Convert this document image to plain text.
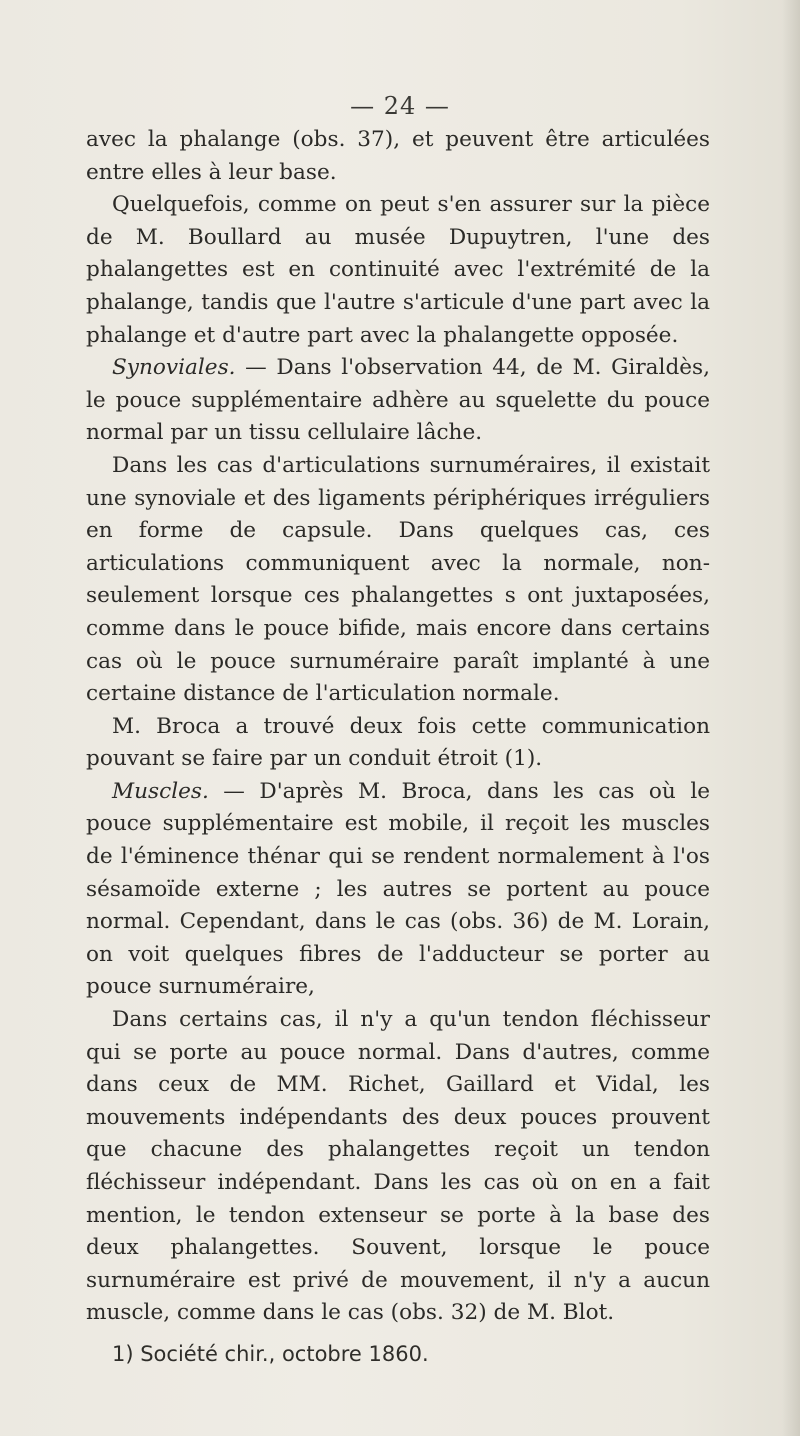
— 24 —

avec la phalange (obs. 37), et peuvent être articulées entre elles à leur base.

Quelquefois, comme on peut s'en assurer sur la pièce de M. Boullard au musée Dupuytren, l'une des phalangettes est en continuité avec l'extrémité de la phalange, tandis que l'autre s'articule d'une part avec la phalange et d'autre part avec la phalangette opposée.

Synoviales. — Dans l'observation 44, de M. Giraldès, le pouce supplémentaire adhère au squelette du pouce normal par un tissu cellulaire lâche.

Dans les cas d'articulations surnuméraires, il existait une synoviale et des ligaments périphériques irréguliers en forme de capsule. Dans quelques cas, ces articulations communiquent avec la normale, non-seulement lorsque ces phalangettes s ont juxtaposées, comme dans le pouce bifide, mais encore dans certains cas où le pouce surnuméraire paraît implanté à une certaine distance de l'articulation normale.

M. Broca a trouvé deux fois cette communication pouvant se faire par un conduit étroit (1).

Muscles. — D'après M. Broca, dans les cas où le pouce supplémentaire est mobile, il reçoit les muscles de l'éminence thénar qui se rendent normalement à l'os sésamoïde externe ; les autres se portent au pouce normal. Cependant, dans le cas (obs. 36) de M. Lorain, on voit quelques fibres de l'adducteur se porter au pouce surnuméraire,

Dans certains cas, il n'y a qu'un tendon fléchisseur qui se porte au pouce normal. Dans d'autres, comme dans ceux de MM. Richet, Gaillard et Vidal, les mouvements indépendants des deux pouces prouvent que chacune des phalangettes reçoit un tendon fléchisseur indépendant. Dans les cas où on en a fait mention, le tendon extenseur se porte à la base des deux phalangettes. Souvent, lorsque le pouce surnuméraire est privé de mouvement, il n'y a aucun muscle, comme dans le cas (obs. 32) de M. Blot.

1) Société chir., octobre 1860.
